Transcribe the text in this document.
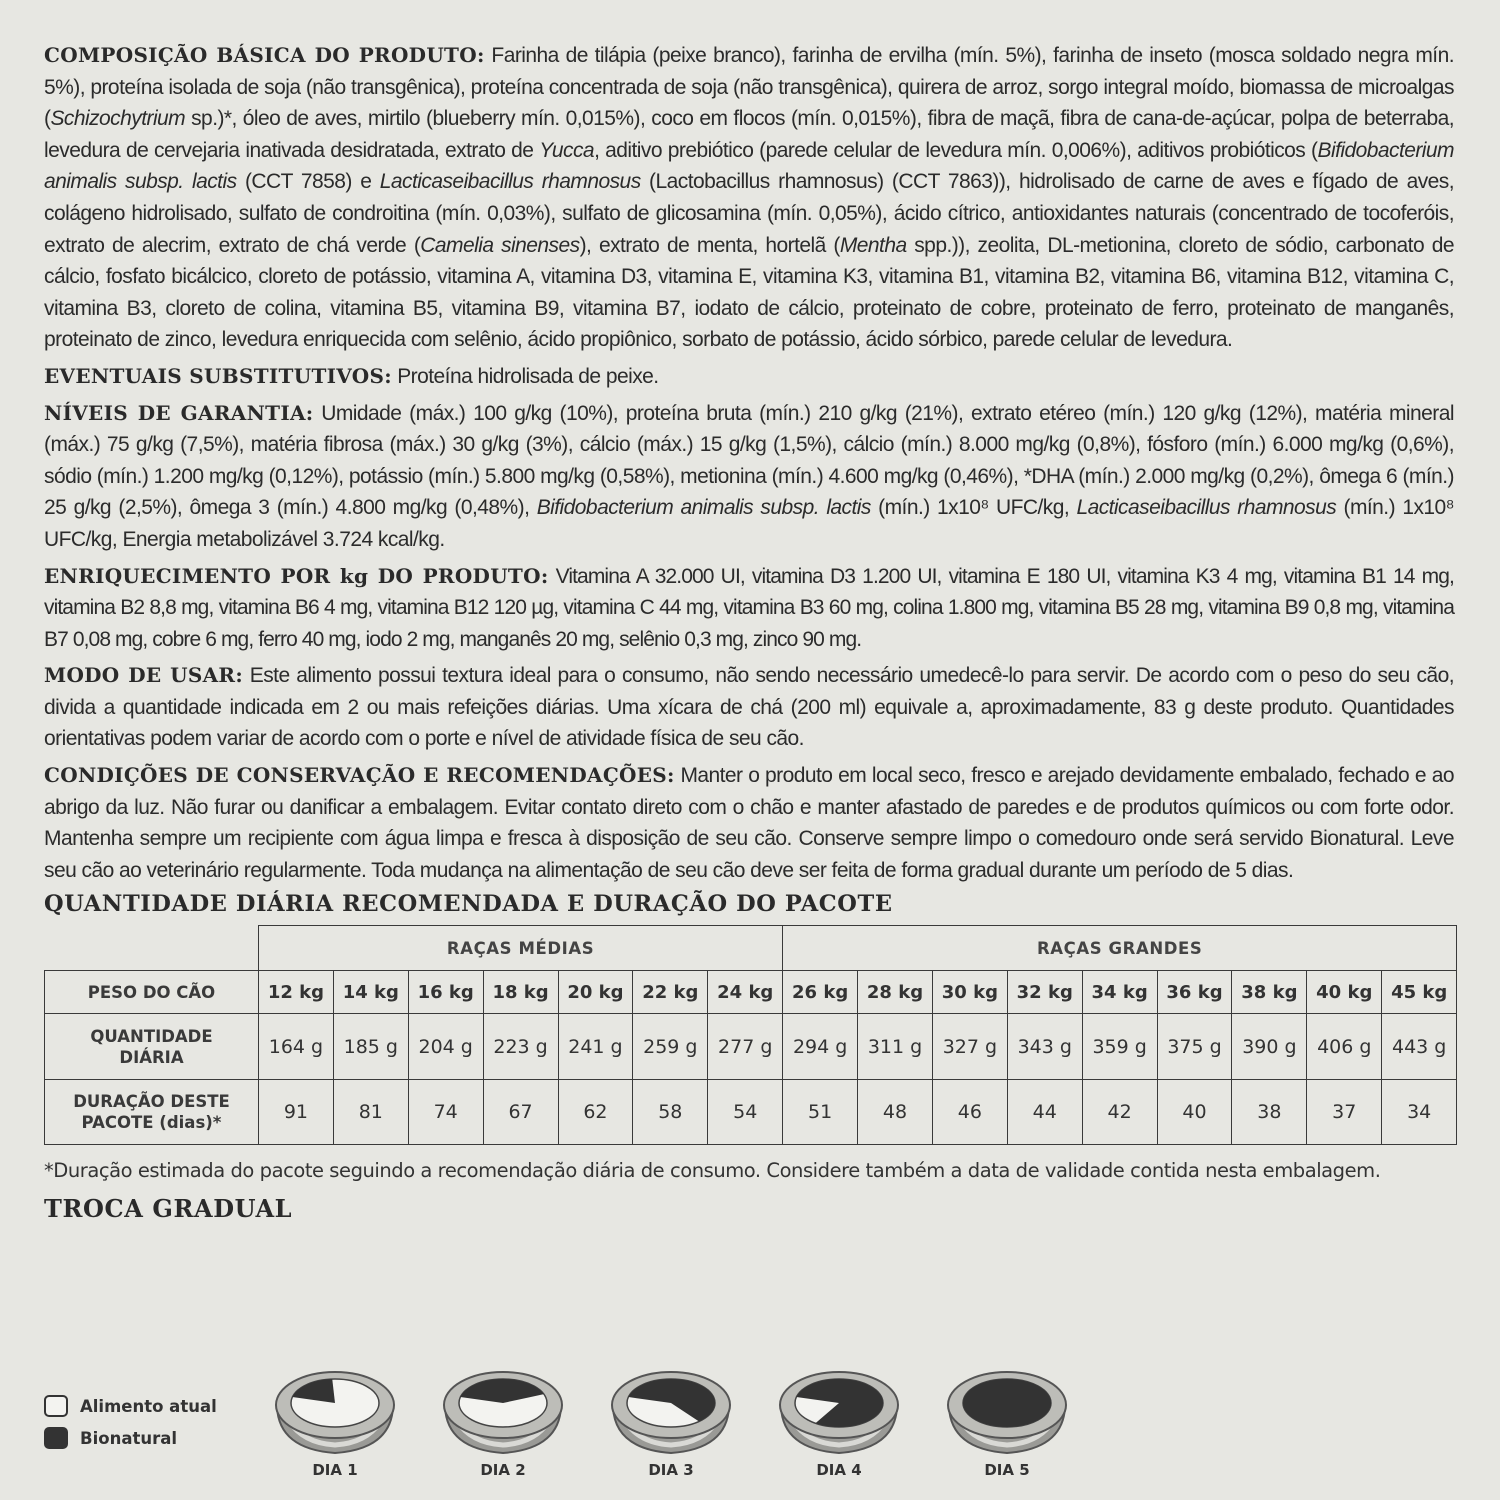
COMPOSIÇÃO BÁSICA DO PRODUTO: Farinha de tilápia (peixe branco), farinha de ervilha (mín. 5%), farinha de inseto (mosca soldado negra mín. 5%), proteína isolada de soja (não transgênica), proteína concentrada de soja (não transgênica), quirera de arroz, sorgo integral moído, biomassa de microalgas (Schizochytrium sp.)*, óleo de aves, mirtilo (blueberry mín. 0,015%), coco em flocos (mín. 0,015%), fibra de maçã, fibra de cana-de-açúcar, polpa de beterraba, levedura de cervejaria inativada desidratada, extrato de Yucca, aditivo prebiótico (parede celular de levedura mín. 0,006%), aditivos probióticos (Bifidobacterium animalis subsp. lactis (CCT 7858) e Lacticaseibacillus rhamnosus (Lactobacillus rhamnosus) (CCT 7863)), hidrolisado de carne de aves e fígado de aves, colágeno hidrolisado, sulfato de condroitina (mín. 0,03%), sulfato de glicosamina (mín. 0,05%), ácido cítrico, antioxidantes naturais (concentrado de tocoferóis, extrato de alecrim, extrato de chá verde (Camelia sinenses), extrato de menta, hortelã (Mentha spp.)), zeolita, DL-metionina, cloreto de sódio, carbonato de cálcio, fosfato bicálcico, cloreto de potássio, vitamina A, vitamina D3, vitamina E, vitamina K3, vitamina B1, vitamina B2, vitamina B6, vitamina B12, vitamina C, vitamina B3, cloreto de colina, vitamina B5, vitamina B9, vitamina B7, iodato de cálcio, proteinato de cobre, proteinato de ferro, proteinato de manganês, proteinato de zinco, levedura enriquecida com selênio, ácido propiônico, sorbato de potássio, ácido sórbico, parede celular de levedura.

EVENTUAIS SUBSTITUTIVOS: Proteína hidrolisada de peixe.

NÍVEIS DE GARANTIA: Umidade (máx.) 100 g/kg (10%), proteína bruta (mín.) 210 g/kg (21%), extrato etéreo (mín.) 120 g/kg (12%), matéria mineral (máx.) 75 g/kg (7,5%), matéria fibrosa (máx.) 30 g/kg (3%), cálcio (máx.) 15 g/kg (1,5%), cálcio (mín.) 8.000 mg/kg (0,8%), fósforo (mín.) 6.000 mg/kg (0,6%), sódio (mín.) 1.200 mg/kg (0,12%), potássio (mín.) 5.800 mg/kg (0,58%), metionina (mín.) 4.600 mg/kg (0,46%), *DHA (mín.) 2.000 mg/kg (0,2%), ômega 6 (mín.) 25 g/kg (2,5%), ômega 3 (mín.) 4.800 mg/kg (0,48%), Bifidobacterium animalis subsp. lactis (mín.) 1x10⁸ UFC/kg, Lacticaseibacillus rhamnosus (mín.) 1x10⁸ UFC/kg, Energia metabolizável 3.724 kcal/kg.

ENRIQUECIMENTO POR kg DO PRODUTO: Vitamina A 32.000 UI, vitamina D3 1.200 UI, vitamina E 180 UI, vitamina K3 4 mg, vitamina B1 14 mg, vitamina B2 8,8 mg, vitamina B6 4 mg, vitamina B12 120 µg, vitamina C 44 mg, vitamina B3 60 mg, colina 1.800 mg, vitamina B5 28 mg, vitamina B9 0,8 mg, vitamina B7 0,08 mg, cobre 6 mg, ferro 40 mg, iodo 2 mg, manganês 20 mg, selênio 0,3 mg, zinco 90 mg.

MODO DE USAR: Este alimento possui textura ideal para o consumo, não sendo necessário umedecê-lo para servir. De acordo com o peso do seu cão, divida a quantidade indicada em 2 ou mais refeições diárias. Uma xícara de chá (200 ml) equivale a, aproximadamente, 83 g deste produto. Quantidades orientativas podem variar de acordo com o porte e nível de atividade física de seu cão.

CONDIÇÕES DE CONSERVAÇÃO E RECOMENDAÇÕES: Manter o produto em local seco, fresco e arejado devidamente embalado, fechado e ao abrigo da luz. Não furar ou danificar a embalagem. Evitar contato direto com o chão e manter afastado de paredes e de produtos químicos ou com forte odor. Mantenha sempre um recipiente com água limpa e fresca à disposição de seu cão. Conserve sempre limpo o comedouro onde será servido Bionatural. Leve seu cão ao veterinário regularmente. Toda mudança na alimentação de seu cão deve ser feita de forma gradual durante um período de 5 dias.

QUANTIDADE DIÁRIA RECOMENDADA E DURAÇÃO DO PACOTE
	RAÇAS MÉDIAS							RAÇAS GRANDES								
PESO DO CÃO	12 kg	14 kg	16 kg	18 kg	20 kg	22 kg	24 kg	26 kg	28 kg	30 kg	32 kg	34 kg	36 kg	38 kg	40 kg	45 kg
QUANTIDADE
DIÁRIA	164 g	185 g	204 g	223 g	241 g	259 g	277 g	294 g	311 g	327 g	343 g	359 g	375 g	390 g	406 g	443 g
DURAÇÃO DESTE
PACOTE (dias)*	91	81	74	67	62	58	54	51	48	46	44	42	40	38	37	34

*Duração estimada do pacote seguindo a recomendação diária de consumo. Considere também a data de validade contida nesta embalagem.

TROCA GRADUAL
Alimento atual
Bionatural
DIA 1	DIA 2	DIA 3	DIA 4	DIA 5
